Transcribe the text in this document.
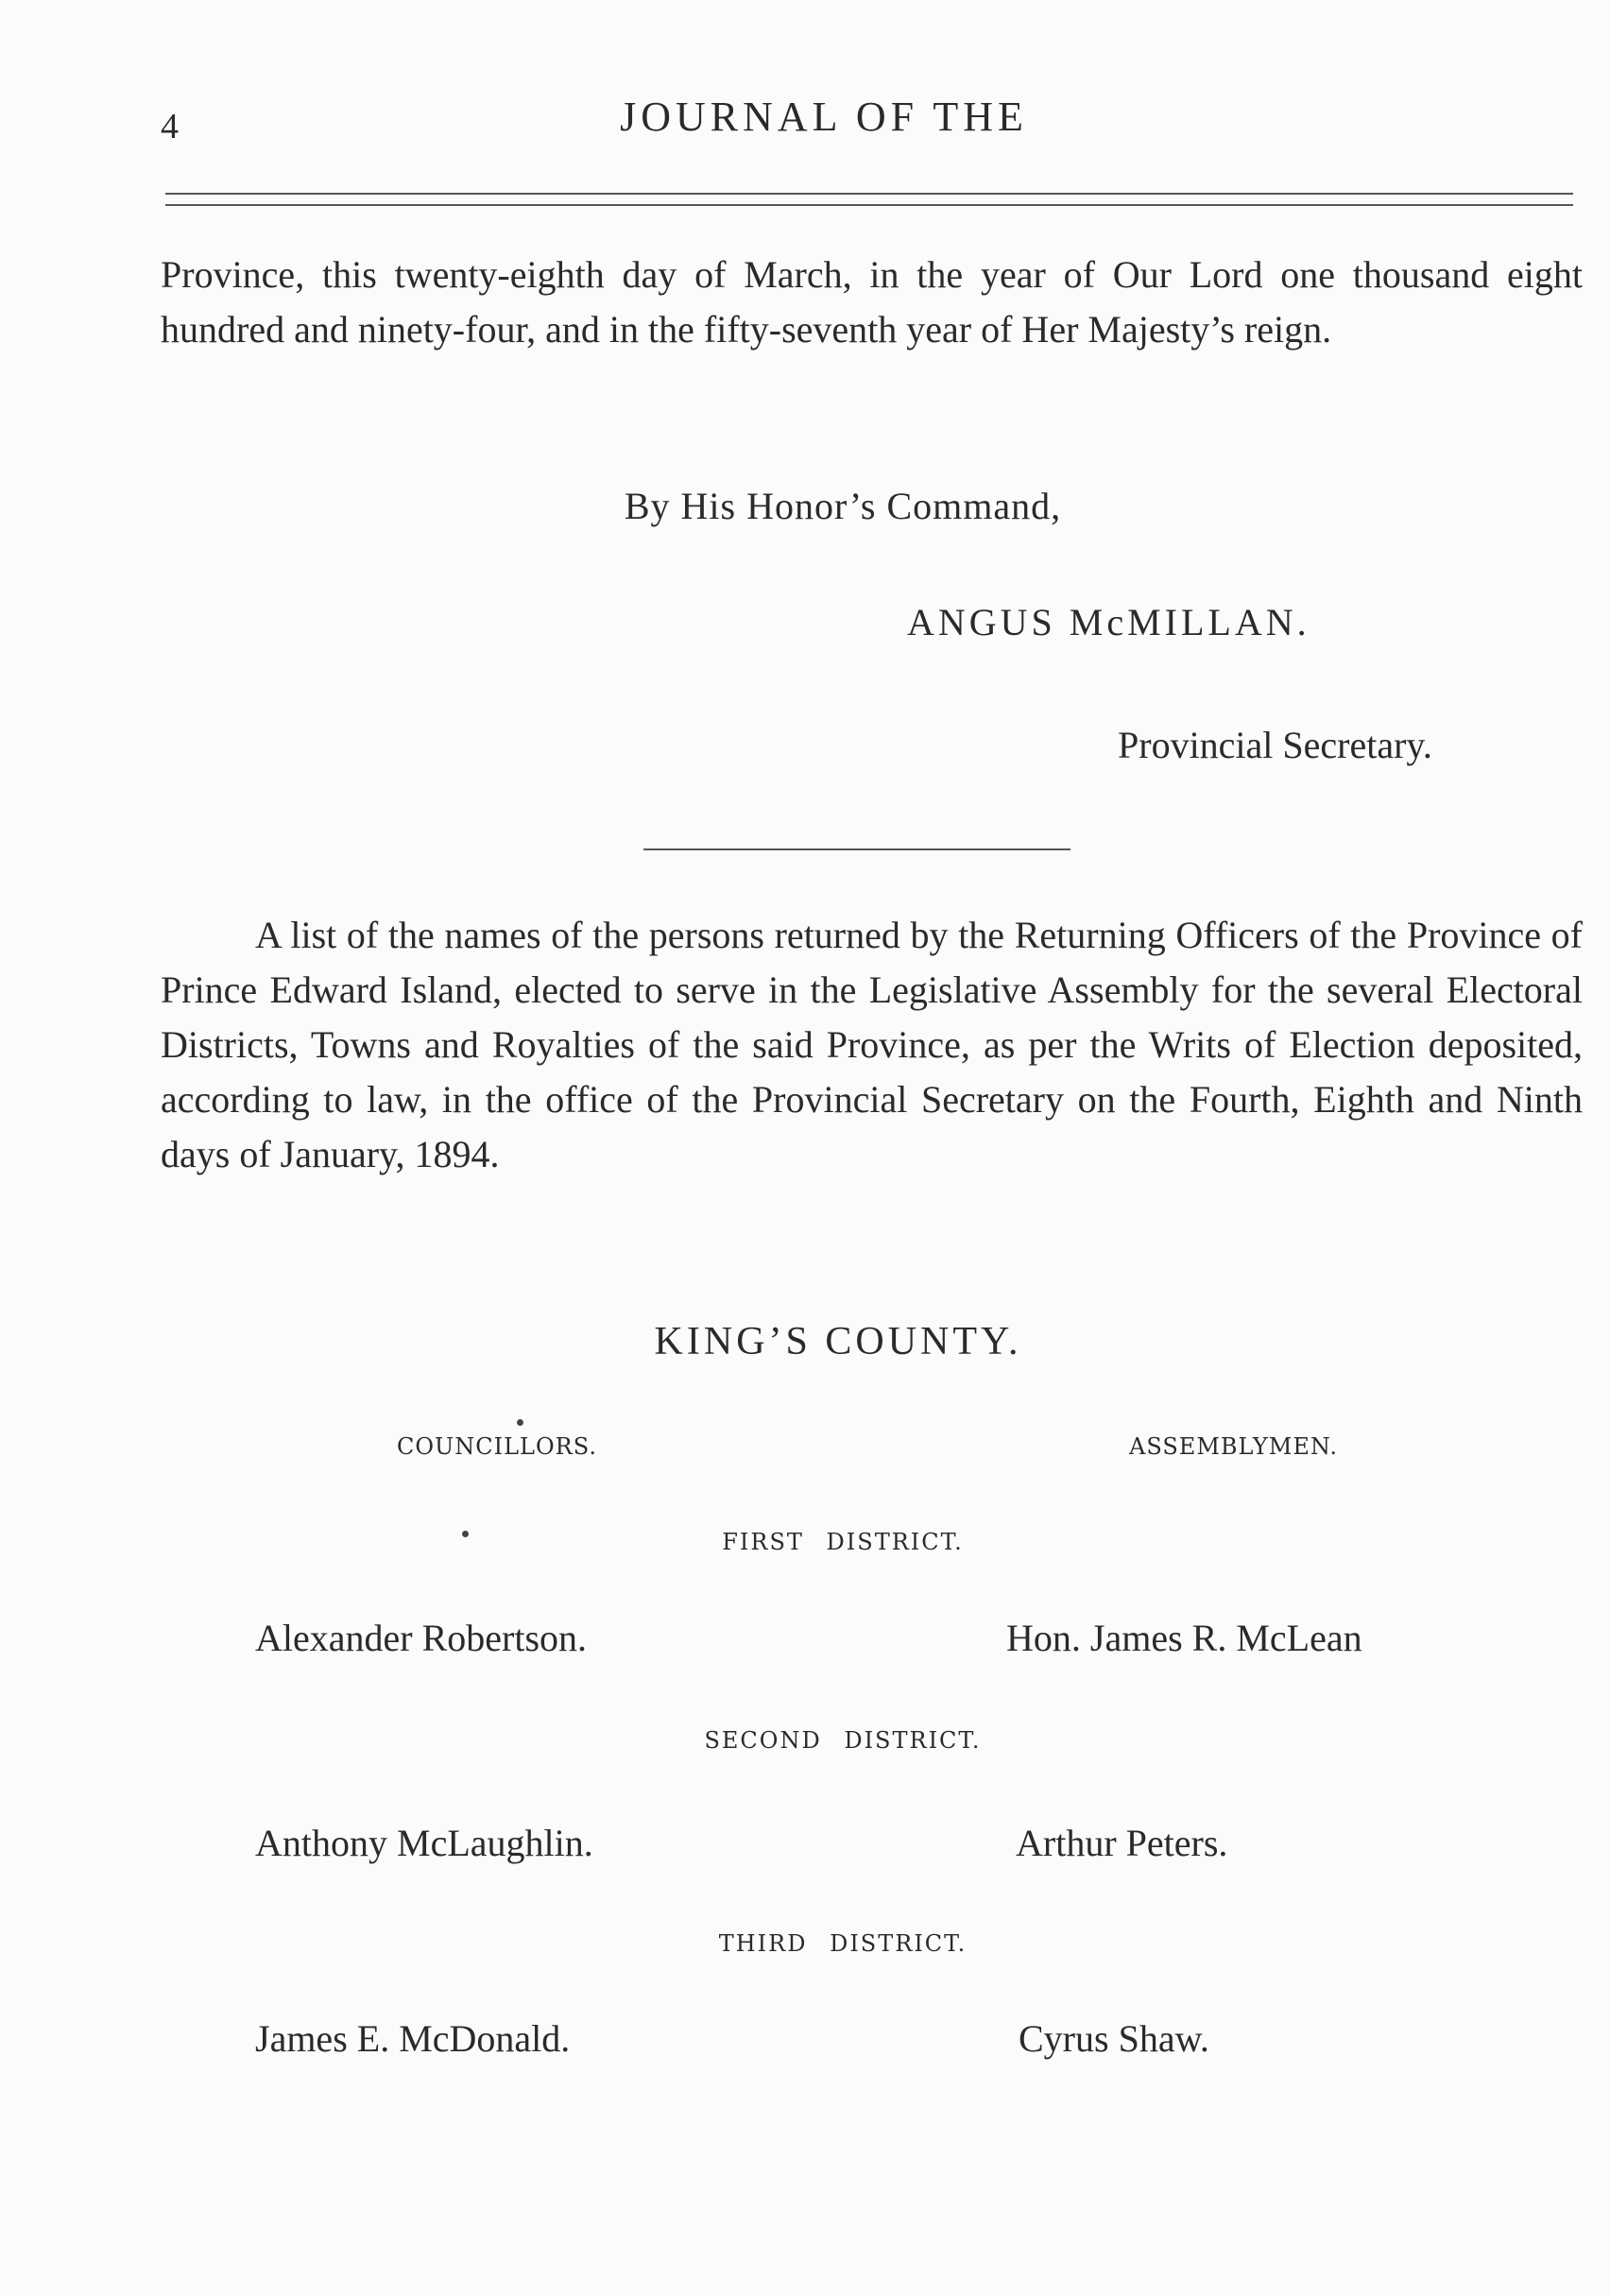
4	JOURNAL OF THE
Province, this twenty-eighth day of March, in the year of Our Lord one thousand eight hundred and ninety-four, and in the fifty-seventh year of Her Majesty’s reign.
By His Honor’s Command,
ANGUS McMILLAN.
Provincial Secretary.
A list of the names of the persons returned by the Returning Officers of the Province of Prince Edward Island, elected to serve in the Legislative Assembly for the several Electoral Districts, Towns and Royalties of the said Province, as per the Writs of Election deposited, according to law, in the office of the Provincial Secretary on the Fourth, Eighth and Ninth days of January, 1894.
KING’S COUNTY.
COUNCILLORS.	ASSEMBLYMEN.
FIRST DISTRICT.
Alexander Robertson.	Hon. James R. McLean
SECOND DISTRICT.
Anthony McLaughlin.	Arthur Peters.
THIRD DISTRICT.
James E. McDonald.	Cyrus Shaw.
